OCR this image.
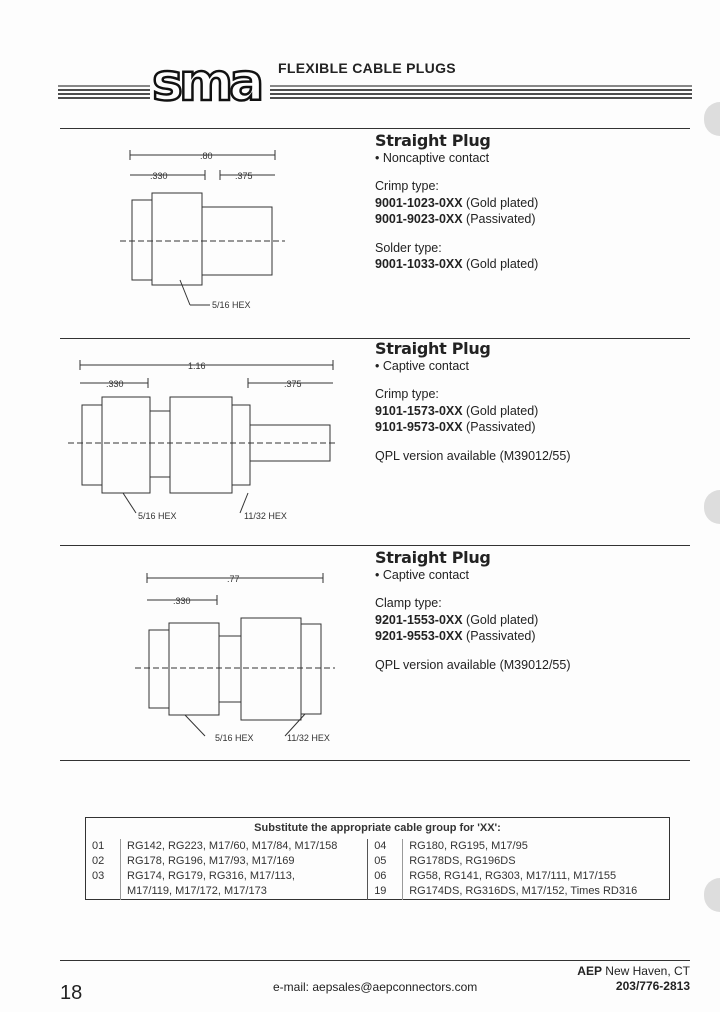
sma FLEXIBLE CABLE PLUGS
Straight Plug
• Noncaptive contact
Crimp type:
9001-1023-0XX (Gold plated)
9001-9023-0XX (Passivated)
Solder type:
9001-1033-0XX (Gold plated)
.80
.330	.375
5/16 HEX
Straight Plug
• Captive contact
Crimp type:
9101-1573-0XX (Gold plated)
9101-9573-0XX (Passivated)
QPL version available (M39012/55)
1.16
.330	.375
5/16 HEX	11/32 HEX
Straight Plug
• Captive contact
Clamp type:
9201-1553-0XX (Gold plated)
9201-9553-0XX (Passivated)
QPL version available (M39012/55)
.77
.330
5/16 HEX	11/32 HEX
Substitute the appropriate cable group for 'XX':			
01	RG142, RG223, M17/60, M17/84, M17/158	04	RG180, RG195, M17/95
02	RG178, RG196, M17/93, M17/169	05	RG178DS, RG196DS
03	RG174, RG179, RG316, M17/113,	06	RG58, RG141, RG303, M17/111, M17/155
	M17/119, M17/172, M17/173	19	RG174DS, RG316DS, M17/152, Times RD316
18	e-mail: aepsales@aepconnectors.com
AEP New Haven, CT
203/776-2813
